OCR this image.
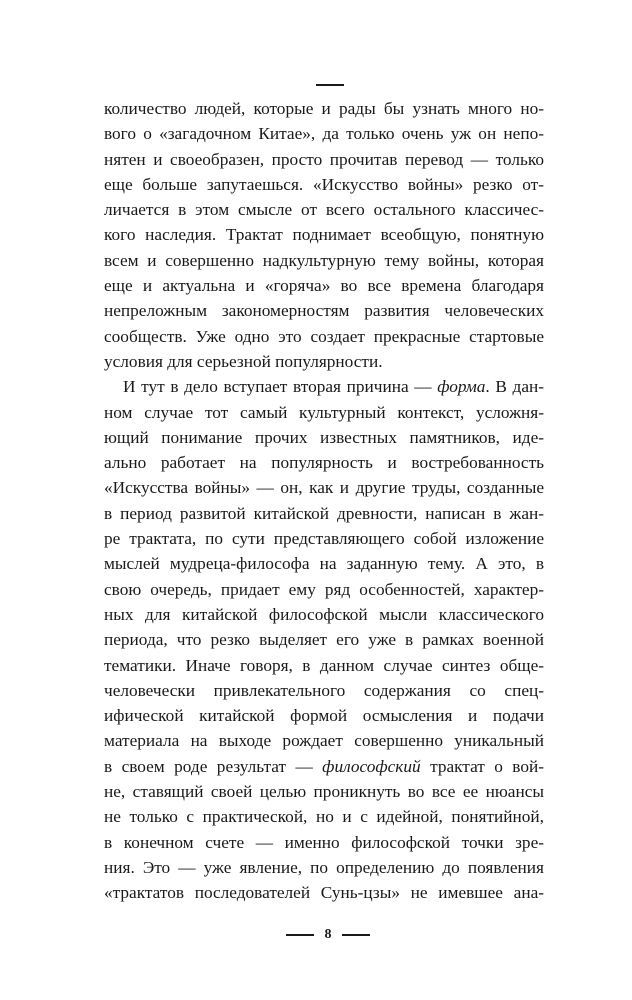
количество людей, которые и рады бы узнать много но-
вого о «загадочном Китае», да только очень уж он непо-
нятен и своеобразен, просто прочитав перевод — только
еще больше запутаешься. «Искусство войны» резко от-
личается в этом смысле от всего остального классичес-
кого наследия. Трактат поднимает всеобщую, понятную
всем и совершенно надкультурную тему войны, которая
еще и актуальна и «горяча» во все времена благодаря
непреложным закономерностям развития человеческих
сообществ. Уже одно это создает прекрасные стартовые
условия для серьезной популярности.
И тут в дело вступает вторая причина — форма. В дан-
ном случае тот самый культурный контекст, усложня-
ющий понимание прочих известных памятников, иде-
ально работает на популярность и востребованность
«Искусства войны» — он, как и другие труды, созданные
в период развитой китайской древности, написан в жан-
ре трактата, по сути представляющего собой изложение
мыслей мудреца-философа на заданную тему. А это, в
свою очередь, придает ему ряд особенностей, характер-
ных для китайской философской мысли классического
периода, что резко выделяет его уже в рамках военной
тематики. Иначе говоря, в данном случае синтез обще-
человечески привлекательного содержания со спец-
ифической китайской формой осмысления и подачи
материала на выходе рождает совершенно уникальный
в своем роде результат — философский трактат о вой-
не, ставящий своей целью проникнуть во все ее нюансы
не только с практической, но и с идейной, понятийной,
в конечном счете — именно философской точки зре-
ния. Это — уже явление, по определению до появления
«трактатов последователей Сунь-цзы» не имевшее ана-
8
